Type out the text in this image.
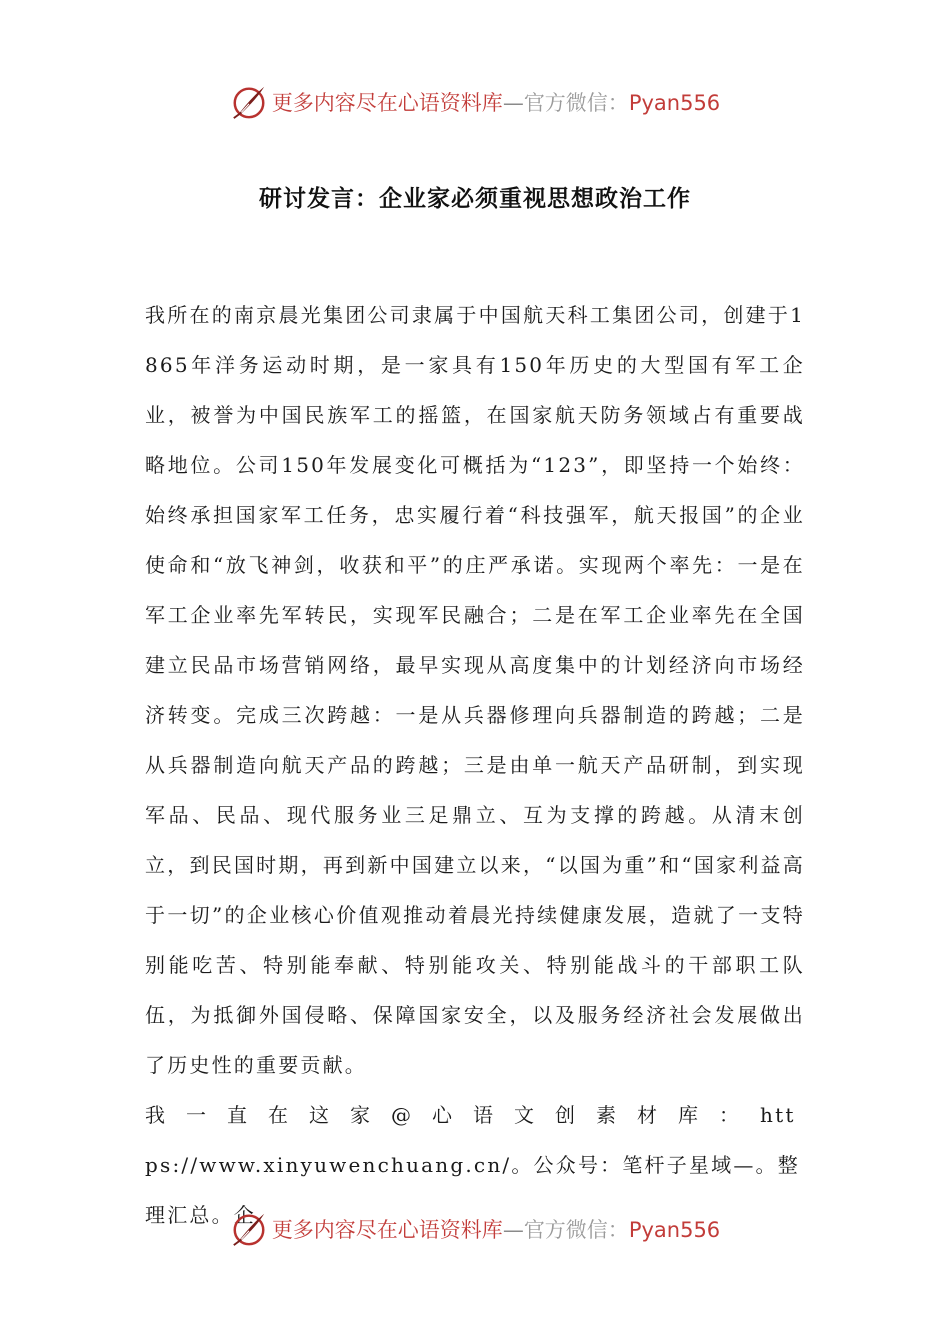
更多内容尽在心语资料库—官方微信：Pyan556
研讨发言：企业家必须重视思想政治工作

我所在的南京晨光集团公司隶属于中国航天科工集团公司，创建于1865年洋务运动时期，是一家具有150年历史的大型国有军工企业，被誉为中国民族军工的摇篮，在国家航天防务领域占有重要战略地位。公司150年发展变化可概括为“123”，即坚持一个始终：始终承担国家军工任务，忠实履行着“科技强军，航天报国”的企业使命和“放飞神剑，收获和平”的庄严承诺。实现两个率先：一是在军工企业率先军转民，实现军民融合；二是在军工企业率先在全国建立民品市场营销网络，最早实现从高度集中的计划经济向市场经济转变。完成三次跨越：一是从兵器修理向兵器制造的跨越；二是从兵器制造向航天产品的跨越；三是由单一航天产品研制，到实现军品、民品、现代服务业三足鼎立、互为支撑的跨越。从清末创立，到民国时期，再到新中国建立以来，“以国为重”和“国家利益高于一切”的企业核心价值观推动着晨光持续健康发展，造就了一支特别能吃苦、特别能奉献、特别能攻关、特别能战斗的干部职工队伍，为抵御外国侵略、保障国家安全，以及服务经济社会发展做出了历史性的重要贡献。

我一直在这家@心语文创素材库：https://www.xinyuwenchuang.cn/。公众号：笔杆子星域—。整理汇总。企

更多内容尽在心语资料库—官方微信：Pyan556
